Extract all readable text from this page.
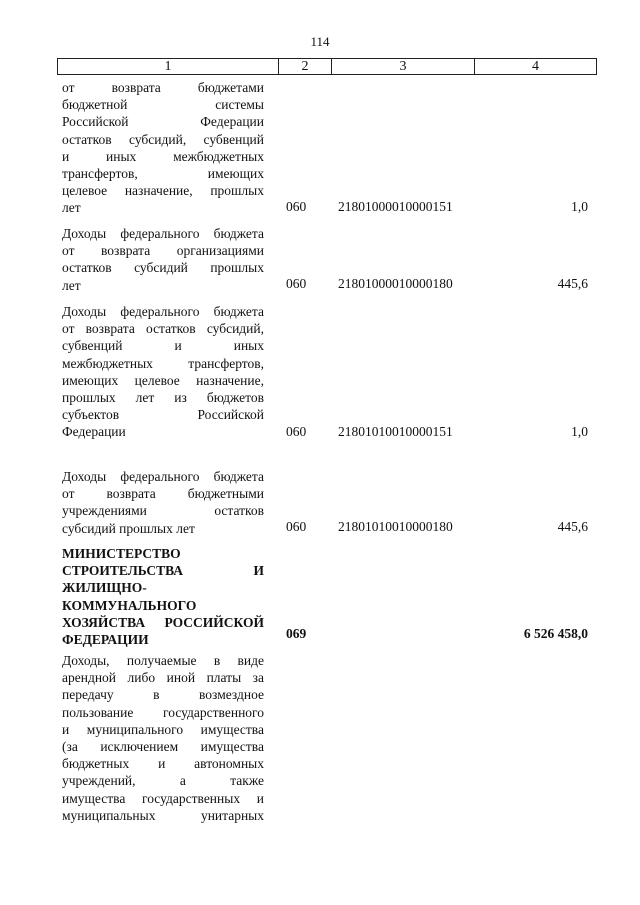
114
1	2	3	4
от возврата бюджетами
бюджетной системы
Российской Федерации
остатков субсидий, субвенций
и иных межбюджетных
трансфертов, имеющих
целевое назначение, прошлых
лет	060	21801000010000151	1,0
Доходы федерального бюджета
от возврата организациями
остатков субсидий прошлых
лет	060	21801000010000180	445,6
Доходы федерального бюджета
от возврата остатков субсидий,
субвенций и иных
межбюджетных трансфертов,
имеющих целевое назначение,
прошлых лет из бюджетов
субъектов Российской
Федерации	060	21801010010000151	1,0
Доходы федерального бюджета
от возврата бюджетными
учреждениями остатков
субсидий прошлых лет	060	21801010010000180	445,6
МИНИСТЕРСТВО
СТРОИТЕЛЬСТВА И
ЖИЛИЩНО-
КОММУНАЛЬНОГО
ХОЗЯЙСТВА РОССИЙСКОЙ
ФЕДЕРАЦИИ	069	6 526 458,0
Доходы, получаемые в виде
арендной либо иной платы за
передачу в возмездное
пользование государственного
и муниципального имущества
(за исключением имущества
бюджетных и автономных
учреждений, а также
имущества государственных и
муниципальных унитарных
